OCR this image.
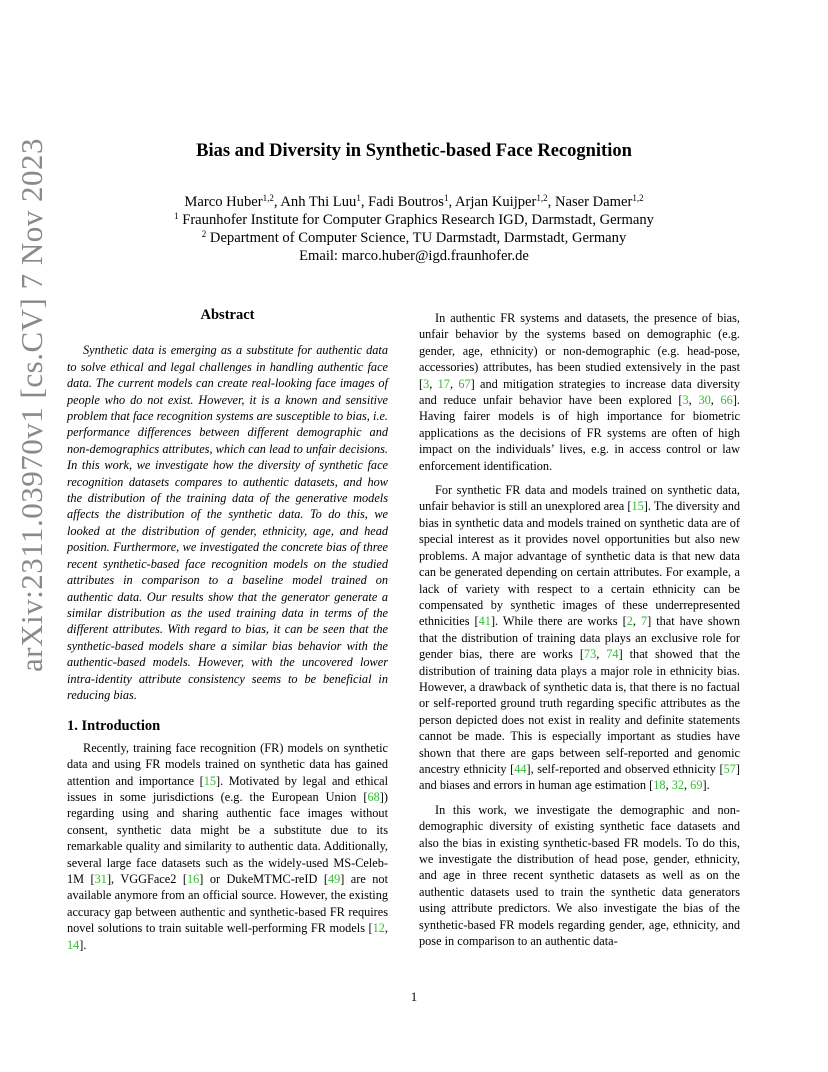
arXiv:2311.03970v1 [cs.CV] 7 Nov 2023	Bias and Diversity in Synthetic-based Face Recognition
Marco Huber$^{1,2}$, Anh Thi Luu$^1$, Fadi Boutros$^1$, Arjan Kuijper$^{1,2}$, Naser Damer$^{1,2}$
$^1$ Fraunhofer Institute for Computer Graphics Research IGD, Darmstadt, Germany
$^2$ Department of Computer Science, TU Darmstadt, Darmstadt, Germany
Email: marco.huber@igd.fraunhofer.de
Abstract

Synthetic data is emerging as a substitute for authentic data to solve ethical and legal challenges in handling authentic face data. The current models can create real-looking face images of people who do not exist. However, it is a known and sensitive problem that face recognition systems are susceptible to bias, i.e. performance differences between different demographic and non-demographics attributes, which can lead to unfair decisions. In this work, we investigate how the diversity of synthetic face recognition datasets compares to authentic datasets, and how the distribution of the training data of the generative models affects the distribution of the synthetic data. To do this, we looked at the distribution of gender, ethnicity, age, and head position. Furthermore, we investigated the concrete bias of three recent synthetic-based face recognition models on the studied attributes in comparison to a baseline model trained on authentic data. Our results show that the generator generate a similar distribution as the used training data in terms of the different attributes. With regard to bias, it can be seen that the synthetic-based models share a similar bias behavior with the authentic-based models. However, with the uncovered lower intra-identity attribute consistency seems to be beneficial in reducing bias.

1. Introduction

Recently, training face recognition (FR) models on synthetic data and using FR models trained on synthetic data has gained attention and importance [15]. Motivated by legal and ethical issues in some jurisdictions (e.g. the European Union [68]) regarding using and sharing authentic face images without consent, synthetic data might be a substitute due to its remarkable quality and similarity to authentic data. Additionally, several large face datasets such as the widely-used MS-Celeb-1M [31], VGGFace2 [16] or DukeMTMC-reID [49] are not available anymore from an official source. However, the existing accuracy gap between authentic and synthetic-based FR requires novel solutions to train suitable well-performing FR models [12, 14].

In authentic FR systems and datasets, the presence of bias, unfair behavior by the systems based on demographic (e.g. gender, age, ethnicity) or non-demographic (e.g. head-pose, accessories) attributes, has been studied extensively in the past [3, 17, 67] and mitigation strategies to increase data diversity and reduce unfair behavior have been explored [3, 30, 66]. Having fairer models is of high importance for biometric applications as the decisions of FR systems are often of high impact on the individuals’ lives, e.g. in access control or law enforcement identification.

For synthetic FR data and models trained on synthetic data, unfair behavior is still an unexplored area [15]. The diversity and bias in synthetic data and models trained on synthetic data are of special interest as it provides novel opportunities but also new problems. A major advantage of synthetic data is that new data can be generated depending on certain attributes. For example, a lack of variety with respect to a certain ethnicity can be compensated by synthetic images of these underrepresented ethnicities [41]. While there are works [2, 7] that have shown that the distribution of training data plays an exclusive role for gender bias, there are works [73, 74] that showed that the distribution of training data plays a major role in ethnicity bias. However, a drawback of synthetic data is, that there is no factual or self-reported ground truth regarding specific attributes as the person depicted does not exist in reality and definite statements cannot be made. This is especially important as studies have shown that there are gaps between self-reported and genomic ancestry ethnicity [44], self-reported and observed ethnicity [57] and biases and errors in human age estimation [18, 32, 69].

In this work, we investigate the demographic and non-demographic diversity of existing synthetic face datasets and also the bias in existing synthetic-based FR models. To do this, we investigate the distribution of head pose, gender, ethnicity, and age in three recent synthetic datasets as well as on the authentic datasets used to train the synthetic data generators using attribute predictors. We also investigate the bias of the synthetic-based FR models regarding gender, age, ethnicity, and pose in comparison to an authentic data-

1
